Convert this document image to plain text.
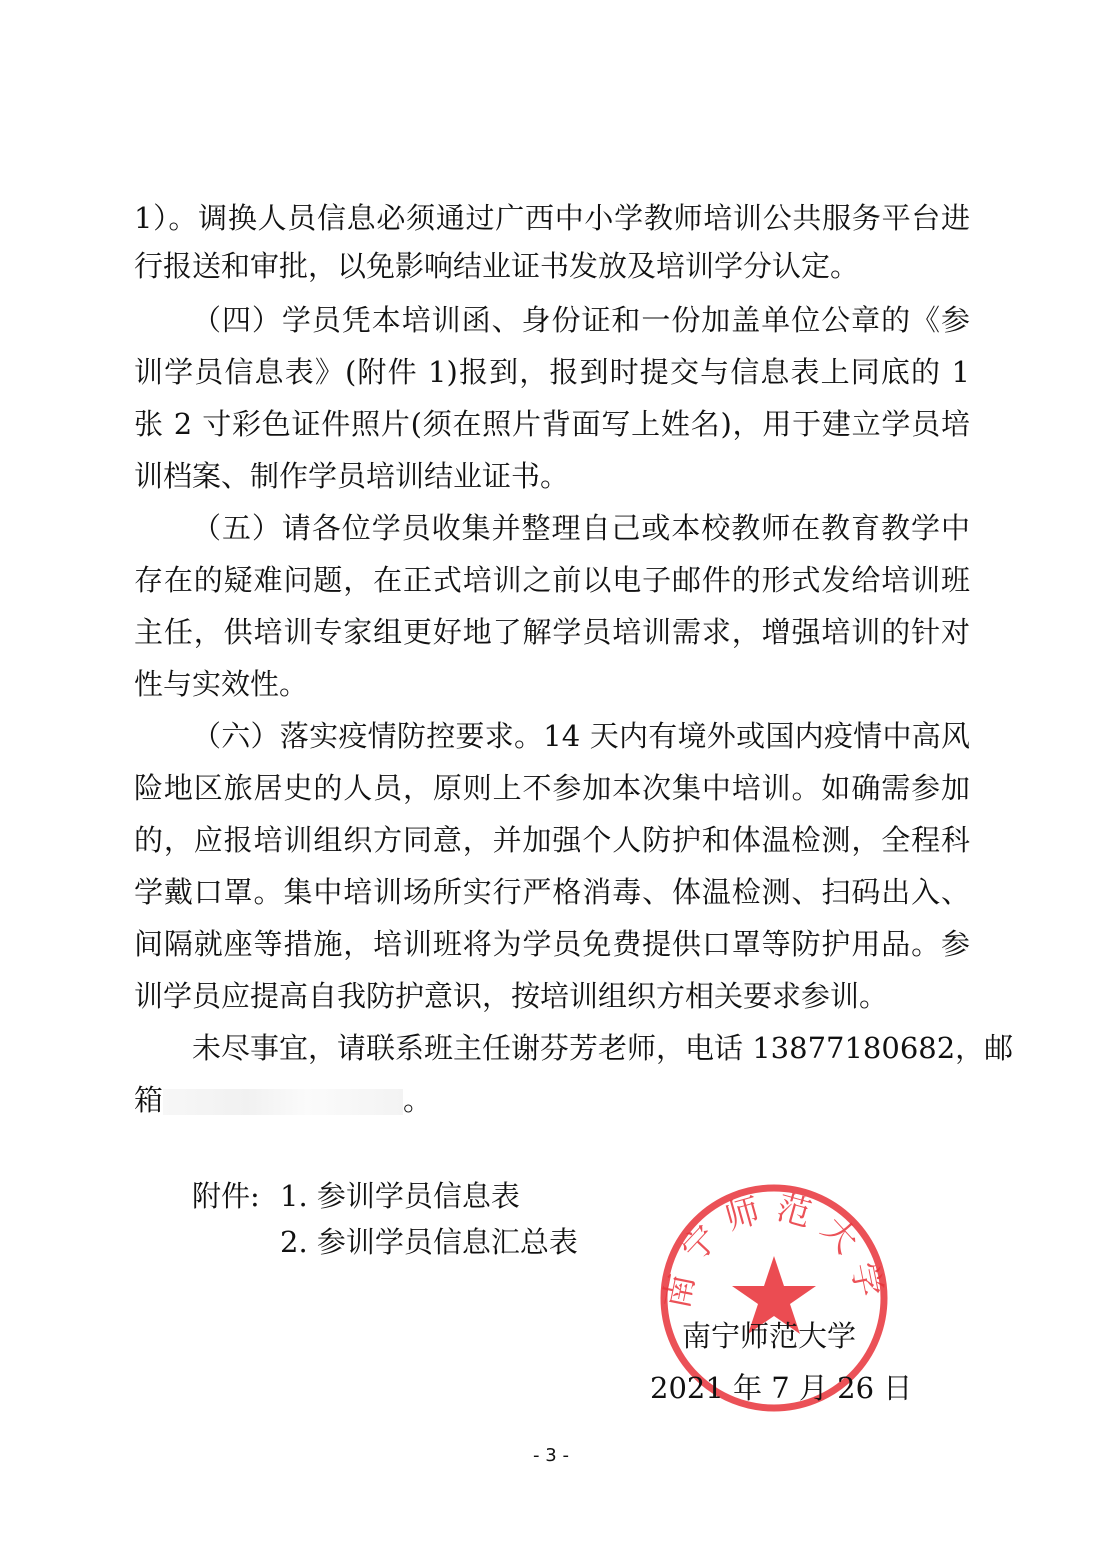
1）。调换人员信息必须通过广西中小学教师培训公共服务平台进
行报送和审批，以免影响结业证书发放及培训学分认定。
（四）学员凭本培训函、身份证和一份加盖单位公章的《参
训学员信息表》(附件 1)报到，报到时提交与信息表上同底的 1
张 2 寸彩色证件照片(须在照片背面写上姓名)，用于建立学员培
训档案、制作学员培训结业证书。
（五）请各位学员收集并整理自己或本校教师在教育教学中
存在的疑难问题，在正式培训之前以电子邮件的形式发给培训班
主任，供培训专家组更好地了解学员培训需求，增强培训的针对
性与实效性。
（六）落实疫情防控要求。14 天内有境外或国内疫情中高风
险地区旅居史的人员，原则上不参加本次集中培训。如确需参加
的，应报培训组织方同意，并加强个人防护和体温检测，全程科
学戴口罩。集中培训场所实行严格消毒、体温检测、扫码出入、
间隔就座等措施，培训班将为学员免费提供口罩等防护用品。参
训学员应提高自我防护意识，按培训组织方相关要求参训。
未尽事宜，请联系班主任谢芬芳老师，电话 13877180682，邮
箱	。
附件: 1. 参训学员信息表
2. 参训学员信息汇总表
南宁师范大学
南宁师范大学
2021 年 7 月 26 日
- 3 -
